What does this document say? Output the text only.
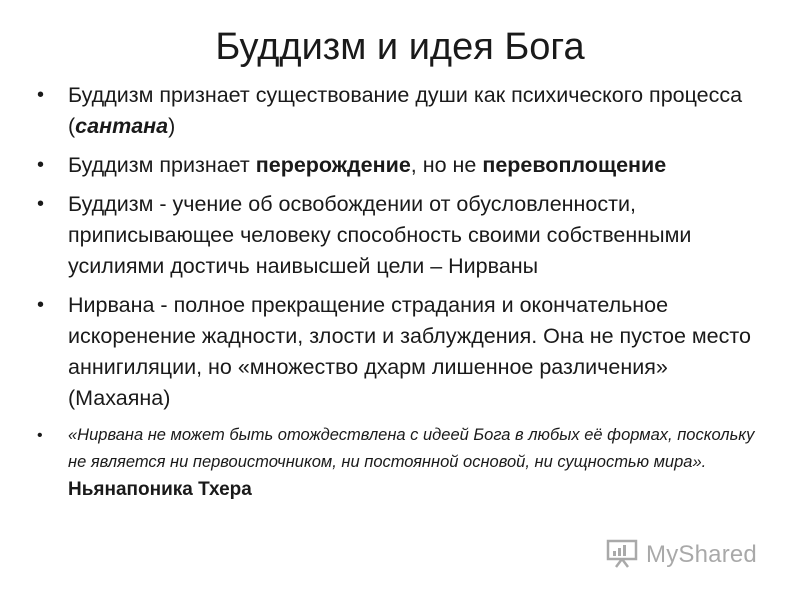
Буддизм и идея Бога
• Буддизм признает существование души как психического процесса (сантана)
• Буддизм признает перерождение, но не перевоплощение
• Буддизм - учение об освобождении от обусловленности, приписывающее человеку способность своими собственными усилиями достичь наивысшей цели – Нирваны
• Нирвана - полное прекращение страдания и окончательное искоренение жадности, злости и заблуждения. Она не пустое место аннигиляции, но «множество дхарм лишенное различения» (Махаяна)
• «Нирвана не может быть отождествлена с идеей Бога в любых её формах, поскольку не является ни первоисточником, ни постоянной основой, ни сущностью мира». Ньянапоника Тхера
MyShared
